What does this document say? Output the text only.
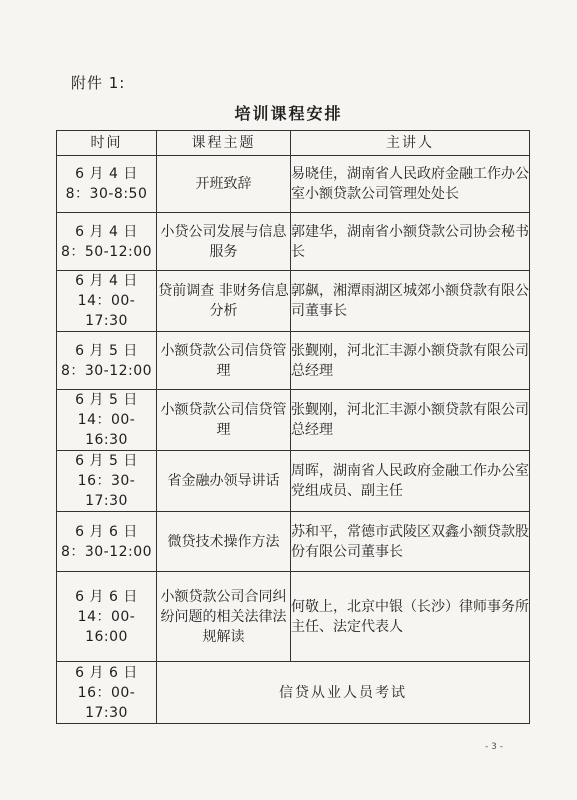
附件 1:
培训课程安排
时间	课程主题	主讲人

6 月 4 日
8：30-8:50	开班致辞	易晓佳，湖南省人民政府金融工作办公室小额贷款公司管理处处长

6 月 4 日
8：50-12:00	小贷公司发展与信息服务	郭建华，湖南省小额贷款公司协会秘书长

6 月 4 日
14：00-17:30	贷前调查 非财务信息分析	郭飙，湘潭雨湖区城郊小额贷款有限公司董事长

6 月 5 日
8：30-12:00	小额贷款公司信贷管理	张觐刚，河北汇丰源小额贷款有限公司总经理

6 月 5 日
14：00-16:30	小额贷款公司信贷管理	张觐刚，河北汇丰源小额贷款有限公司总经理

6 月 5 日
16：30-17:30	省金融办领导讲话	周晖，湖南省人民政府金融工作办公室党组成员、副主任

6 月 6 日
8：30-12:00	微贷技术操作方法	苏和平，常德市武陵区双鑫小额贷款股份有限公司董事长

6 月 6 日
14：00-16:00	小额贷款公司合同纠纷问题的相关法律法规解读	何敬上，北京中银（长沙）律师事务所主任、法定代表人

6 月 6 日
16：00-17:30	信贷从业人员考试	
- 3 -
